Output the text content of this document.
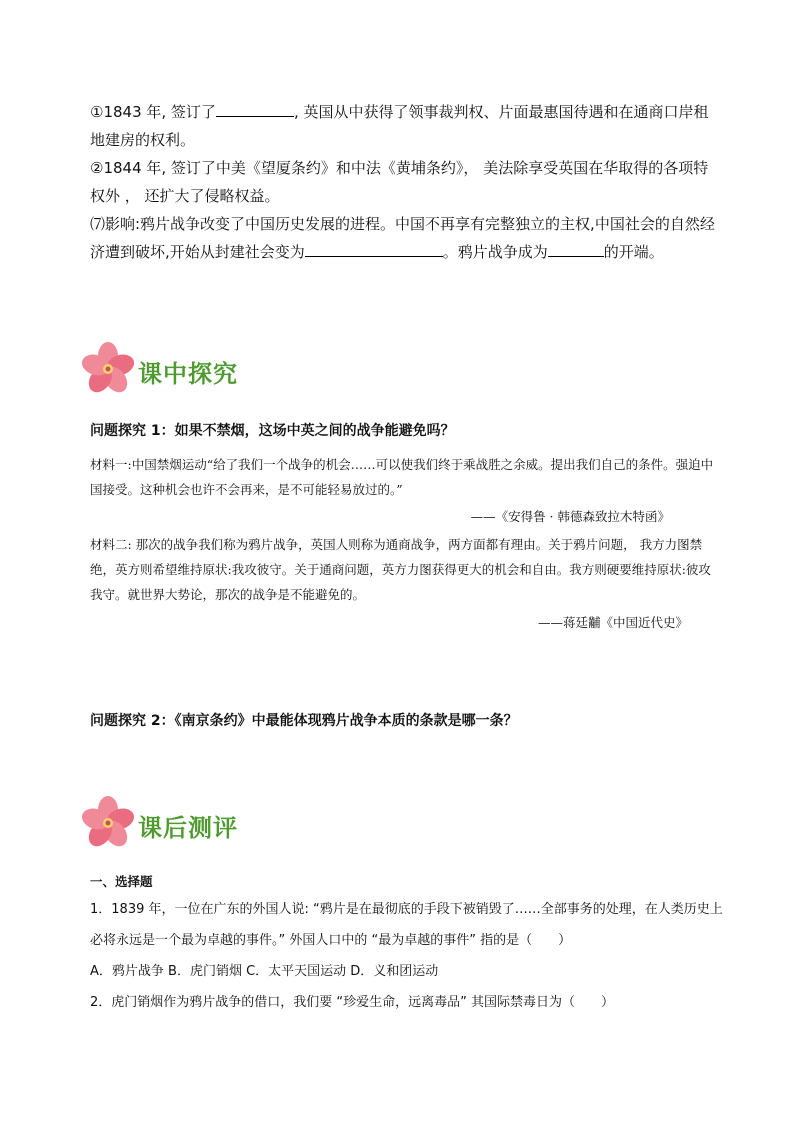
①1843 年, 签订了	, 英国从中获得了领事裁判权、片面最惠国待遇和在通商口岸租地建房的权利。

②1844 年, 签订了中美《望厦条约》和中法《黄埔条约》， 美法除享受英国在华取得的各项特权外 ， 还扩大了侵略权益。

⑺影响:鸦片战争改变了中国历史发展的进程。中国不再享有完整独立的主权,中国社会的自然经济遭到破坏,开始从封建社会变为	。鸦片战争成为	的开端。

课中探究

问题探究 1：如果不禁烟，这场中英之间的战争能避免吗？

材料一:中国禁烟运动“给了我们一个战争的机会……可以使我们终于乘战胜之余威。提出我们自己的条件。强迫中国接受。这种机会也许不会再来，是不可能轻易放过的。”

——《安得鲁 · 韩德森致拉木特函》

材料二: 那次的战争我们称为鸦片战争，英国人则称为通商战争，两方面都有理由。关于鸦片问题， 我方力图禁绝，英方则希望维持原状:我攻彼守。关于通商问题，英方力图获得更大的机会和自由。我方则硬要维持原状:彼攻我守。就世界大势论，那次的战争是不能避免的。

——蒋廷黼《中国近代史》

问题探究 2：《南京条约》中最能体现鸦片战争本质的条款是哪一条？

课后测评

一、选择题

1．1839 年，一位在广东的外国人说: “鸦片是在最彻底的手段下被销毁了……全部事务的处理，在人类历史上必将永远是一个最为卓越的事件。” 外国人口中的 “最为卓越的事件” 指的是（　　）

A．鸦片战争 B．虎门销烟 C．太平天国运动 D．义和团运动

2．虎门销烟作为鸦片战争的借口，我们要 “珍爱生命，远离毒品” 其国际禁毒日为（　　）
